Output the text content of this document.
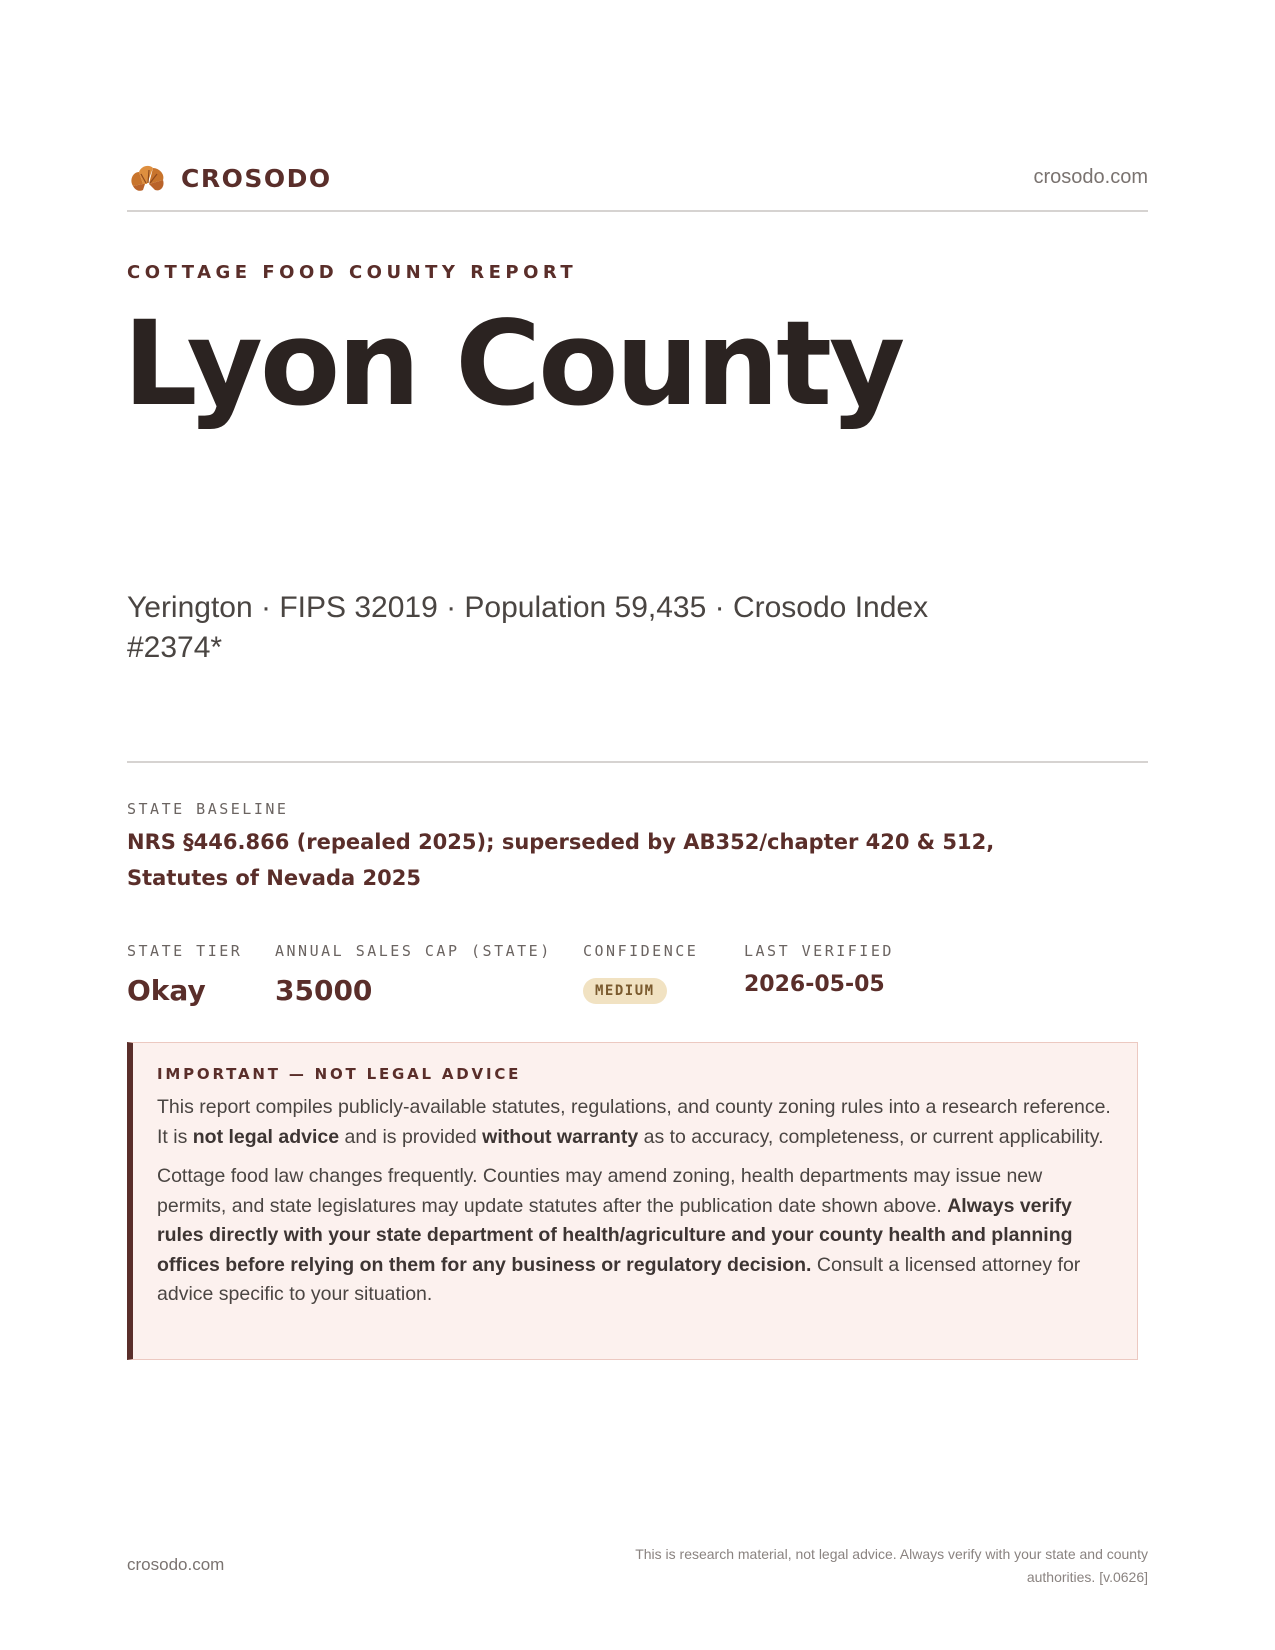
CROSODO	crosodo.com
COTTAGE FOOD COUNTY REPORT
Lyon County
Yerington · FIPS 32019 · Population 59,435 · Crosodo Index #2374*
STATE BASELINE
NRS §446.866 (repealed 2025); superseded by AB352/chapter 420 & 512, Statutes of Nevada 2025
STATE TIER
Okay
ANNUAL SALES CAP (STATE)
35000
CONFIDENCE
MEDIUM
LAST VERIFIED
2026-05-05
IMPORTANT — NOT LEGAL ADVICE

This report compiles publicly-available statutes, regulations, and county zoning rules into a research reference. It is not legal advice and is provided without warranty as to accuracy, completeness, or current applicability.

Cottage food law changes frequently. Counties may amend zoning, health departments may issue new permits, and state legislatures may update statutes after the publication date shown above. Always verify rules directly with your state department of health/agriculture and your county health and planning offices before relying on them for any business or regulatory decision. Consult a licensed attorney for advice specific to your situation.

crosodo.com
This is research material, not legal advice. Always verify with your state and county authorities. [v.0626]
